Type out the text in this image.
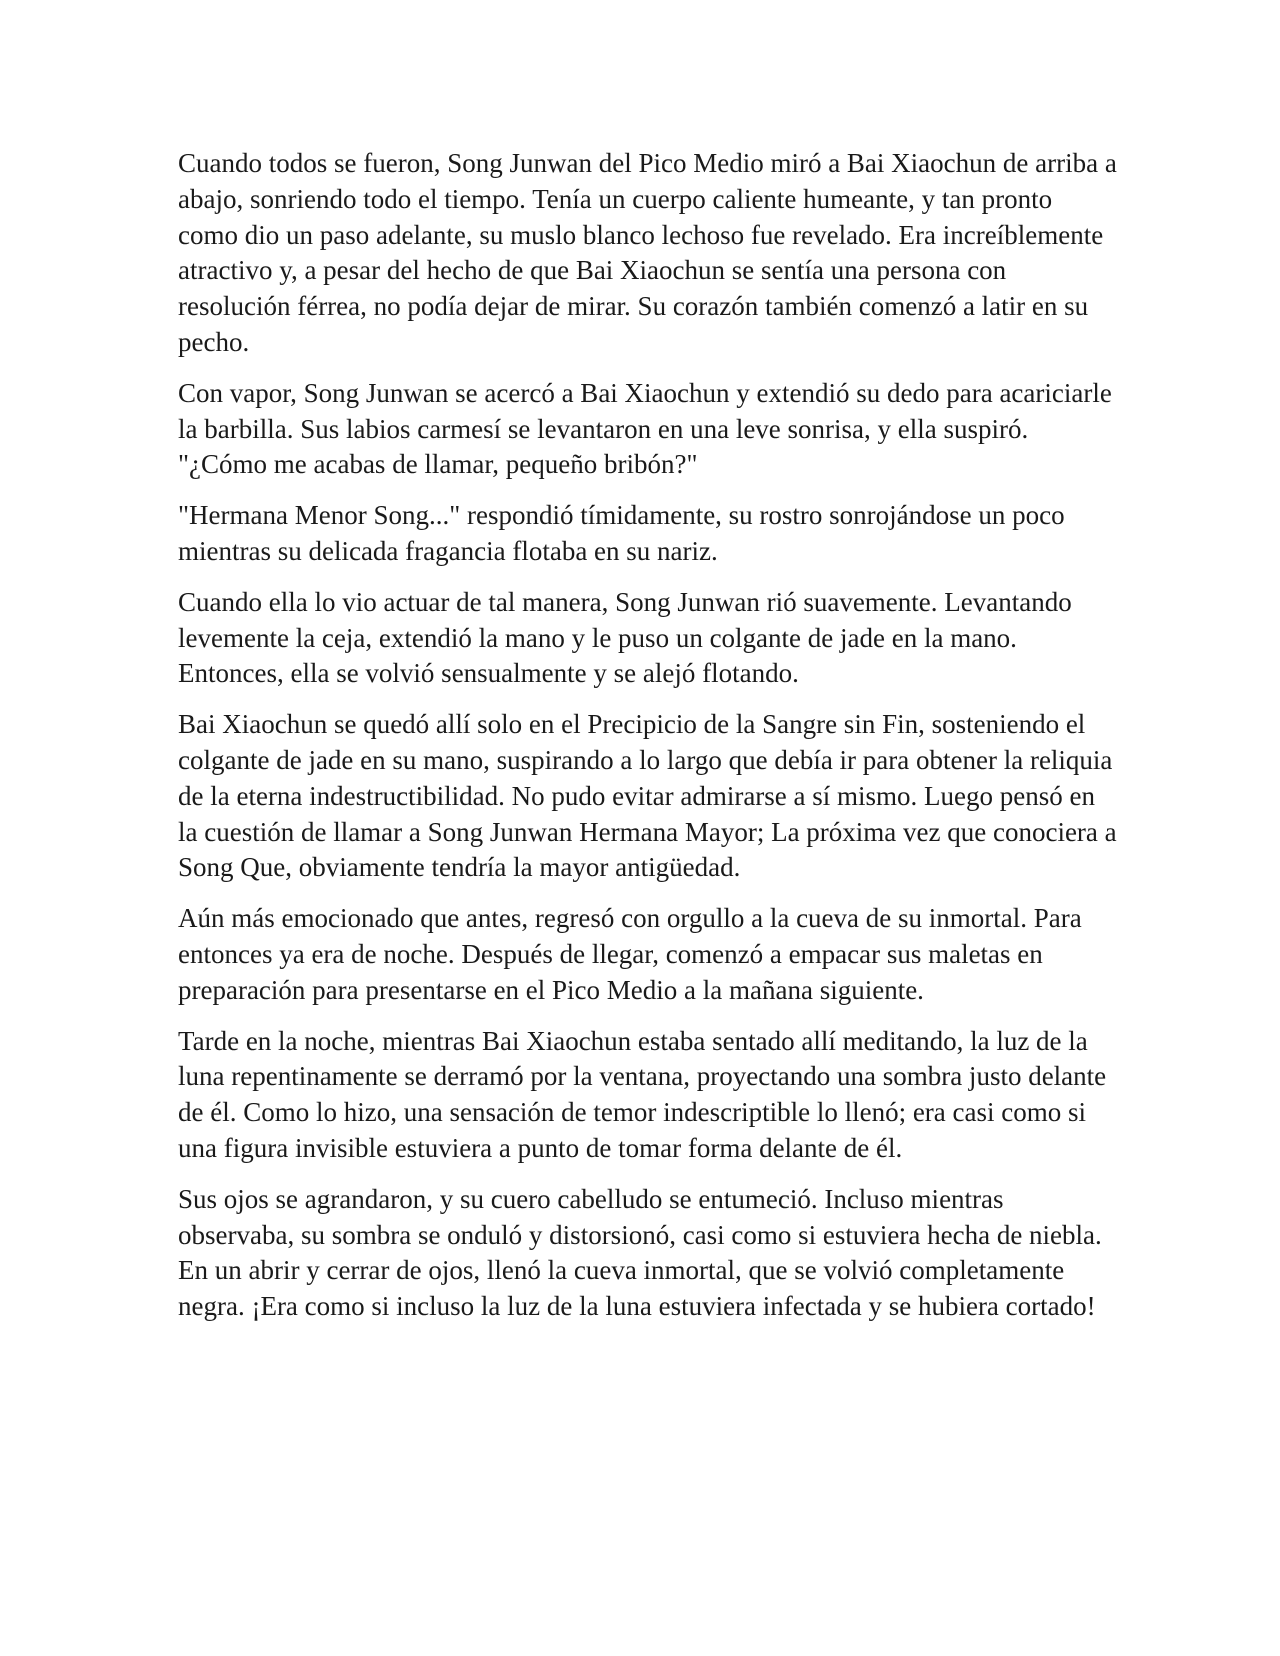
Cuando todos se fueron, Song Junwan del Pico Medio miró a Bai Xiaochun de arriba a abajo, sonriendo todo el tiempo. Tenía un cuerpo caliente humeante, y tan pronto como dio un paso adelante, su muslo blanco lechoso fue revelado. Era increíblemente atractivo y, a pesar del hecho de que Bai Xiaochun se sentía una persona con resolución férrea, no podía dejar de mirar. Su corazón también comenzó a latir en su pecho.

Con vapor, Song Junwan se acercó a Bai Xiaochun y extendió su dedo para acariciarle la barbilla. Sus labios carmesí se levantaron en una leve sonrisa, y ella suspiró. "¿Cómo me acabas de llamar, pequeño bribón?"

"Hermana Menor Song..." respondió tímidamente, su rostro sonrojándose un poco mientras su delicada fragancia flotaba en su nariz.

Cuando ella lo vio actuar de tal manera, Song Junwan rió suavemente. Levantando levemente la ceja, extendió la mano y le puso un colgante de jade en la mano. Entonces, ella se volvió sensualmente y se alejó flotando.

Bai Xiaochun se quedó allí solo en el Precipicio de la Sangre sin Fin, sosteniendo el colgante de jade en su mano, suspirando a lo largo que debía ir para obtener la reliquia de la eterna indestructibilidad. No pudo evitar admirarse a sí mismo. Luego pensó en la cuestión de llamar a Song Junwan Hermana Mayor; La próxima vez que conociera a Song Que, obviamente tendría la mayor antigüedad.

Aún más emocionado que antes, regresó con orgullo a la cueva de su inmortal. Para entonces ya era de noche. Después de llegar, comenzó a empacar sus maletas en preparación para presentarse en el Pico Medio a la mañana siguiente.

Tarde en la noche, mientras Bai Xiaochun estaba sentado allí meditando, la luz de la luna repentinamente se derramó por la ventana, proyectando una sombra justo delante de él. Como lo hizo, una sensación de temor indescriptible lo llenó; era casi como si una figura invisible estuviera a punto de tomar forma delante de él.

Sus ojos se agrandaron, y su cuero cabelludo se entumeció. Incluso mientras observaba, su sombra se onduló y distorsionó, casi como si estuviera hecha de niebla. En un abrir y cerrar de ojos, llenó la cueva inmortal, que se volvió completamente negra. ¡Era como si incluso la luz de la luna estuviera infectada y se hubiera cortado!
